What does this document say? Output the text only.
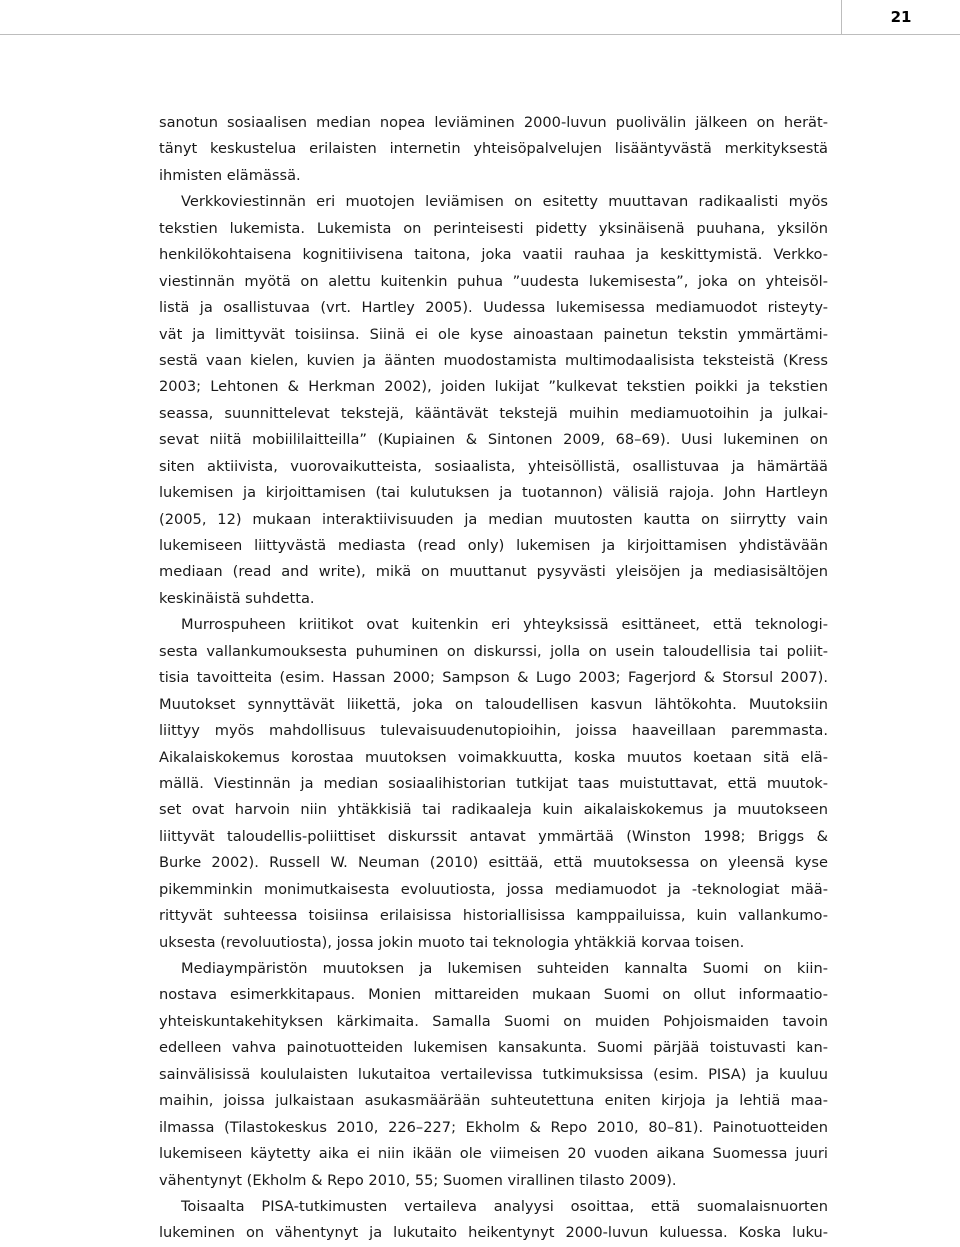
21
sanotun sosiaalisen median nopea leviäminen 2000-luvun puolivälin jälkeen on herät-
tänyt keskustelua erilaisten internetin yhteisöpalvelujen lisääntyvästä merkityksestä
ihmisten elämässä.
Verkkoviestinnän eri muotojen leviämisen on esitetty muuttavan radikaalisti myös
tekstien lukemista. Lukemista on perinteisesti pidetty yksinäisenä puuhana, yksilön
henkilökohtaisena kognitiivisena taitona, joka vaatii rauhaa ja keskittymistä. Verkko-
viestinnän myötä on alettu kuitenkin puhua ”uudesta lukemisesta”, joka on yhteisöl-
listä ja osallistuvaa (vrt. Hartley 2005). Uudessa lukemisessa mediamuodot risteyty-
vät ja limittyvät toisiinsa. Siinä ei ole kyse ainoastaan painetun tekstin ymmärtämi-
sestä vaan kielen, kuvien ja äänten muodostamista multimodaalisista teksteistä (Kress
2003; Lehtonen & Herkman 2002), joiden lukijat ”kulkevat tekstien poikki ja tekstien
seassa, suunnittelevat tekstejä, kääntävät tekstejä muihin mediamuotoihin ja julkai-
sevat niitä mobiililaitteilla” (Kupiainen & Sintonen 2009, 68–69). Uusi lukeminen on
siten aktiivista, vuorovaikutteista, sosiaalista, yhteisöllistä, osallistuvaa ja hämärtää
lukemisen ja kirjoittamisen (tai kulutuksen ja tuotannon) välisiä rajoja. John Hartleyn
(2005, 12) mukaan interaktiivisuuden ja median muutosten kautta on siirrytty vain
lukemiseen liittyvästä mediasta (read only) lukemisen ja kirjoittamisen yhdistävään
mediaan (read and write), mikä on muuttanut pysyvästi yleisöjen ja mediasisältöjen
keskinäistä suhdetta.
Murrospuheen kriitikot ovat kuitenkin eri yhteyksissä esittäneet, että teknologi-
sesta vallankumouksesta puhuminen on diskurssi, jolla on usein taloudellisia tai poliit-
tisia tavoitteita (esim. Hassan 2000; Sampson & Lugo 2003; Fagerjord & Storsul 2007).
Muutokset synnyttävät liikettä, joka on taloudellisen kasvun lähtökohta. Muutoksiin
liittyy myös mahdollisuus tulevaisuudenutopioihin, joissa haaveillaan paremmasta.
Aikalaiskokemus korostaa muutoksen voimakkuutta, koska muutos koetaan sitä elä-
mällä. Viestinnän ja median sosiaalihistorian tutkijat taas muistuttavat, että muutok-
set ovat harvoin niin yhtäkkisiä tai radikaaleja kuin aikalaiskokemus ja muutokseen
liittyvät taloudellis-poliittiset diskurssit antavat ymmärtää (Winston 1998; Briggs &
Burke 2002). Russell W. Neuman (2010) esittää, että muutoksessa on yleensä kyse
pikemminkin monimutkaisesta evoluutiosta, jossa mediamuodot ja -teknologiat mää-
rittyvät suhteessa toisiinsa erilaisissa historiallisissa kamppailuissa, kuin vallankumo-
uksesta (revoluutiosta), jossa jokin muoto tai teknologia yhtäkkiä korvaa toisen.
Mediaympäristön muutoksen ja lukemisen suhteiden kannalta Suomi on kiin-
nostava esimerkkitapaus. Monien mittareiden mukaan Suomi on ollut informaatio-
yhteiskuntakehityksen kärkimaita. Samalla Suomi on muiden Pohjoismaiden tavoin
edelleen vahva painotuotteiden lukemisen kansakunta. Suomi pärjää toistuvasti kan-
sainvälisissä koululaisten lukutaitoa vertailevissa tutkimuksissa (esim. PISA) ja kuuluu
maihin, joissa julkaistaan asukasmäärään suhteutettuna eniten kirjoja ja lehtiä maa-
ilmassa (Tilastokeskus 2010, 226–227; Ekholm & Repo 2010, 80–81). Painotuotteiden
lukemiseen käytetty aika ei niin ikään ole viimeisen 20 vuoden aikana Suomessa juuri
vähentynyt (Ekholm & Repo 2010, 55; Suomen virallinen tilasto 2009).
Toisaalta PISA-tutkimusten vertaileva analyysi osoittaa, että suomalaisnuorten
lukeminen on vähentynyt ja lukutaito heikentynyt 2000-luvun kuluessa. Koska luku-
